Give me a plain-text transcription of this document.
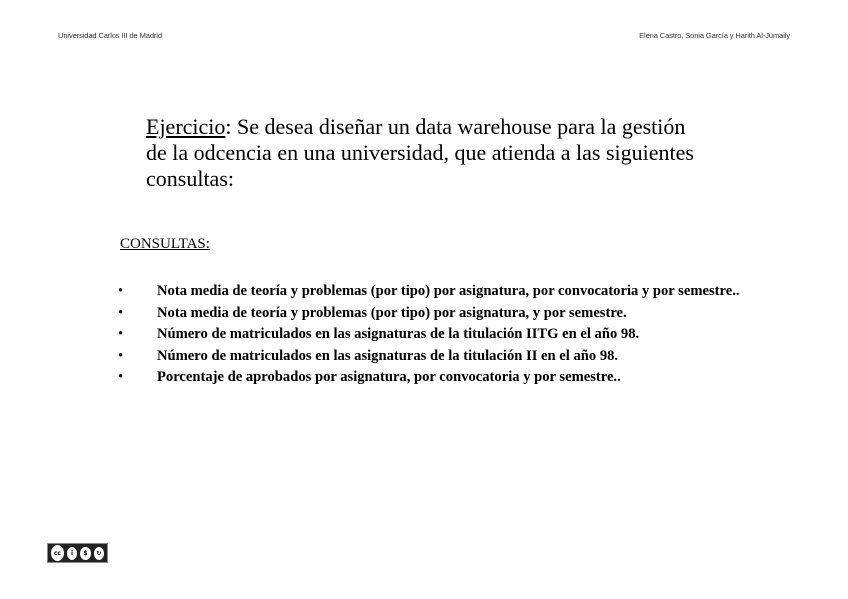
Universidad Carlos III de Madrid	Elena Castro, Sonia García y Harith Al-Jumaily
Ejercicio: Se desea diseñar un data warehouse para la gestión de la odcencia en una universidad, que atienda a las siguientes consultas:
CONSULTAS:
• Nota media de teoría y problemas (por tipo) por asignatura, por convocatoria y por semestre..
• Nota media de teoría y problemas (por tipo) por asignatura, y por semestre.
• Número de matriculados en las asignaturas de la titulación IITG en el año 98.
• Número de matriculados en las asignaturas de la titulación II en el año 98.
• Porcentaje de aprobados por asignatura, por convocatoria y por semestre..
cc	i	$	↻
